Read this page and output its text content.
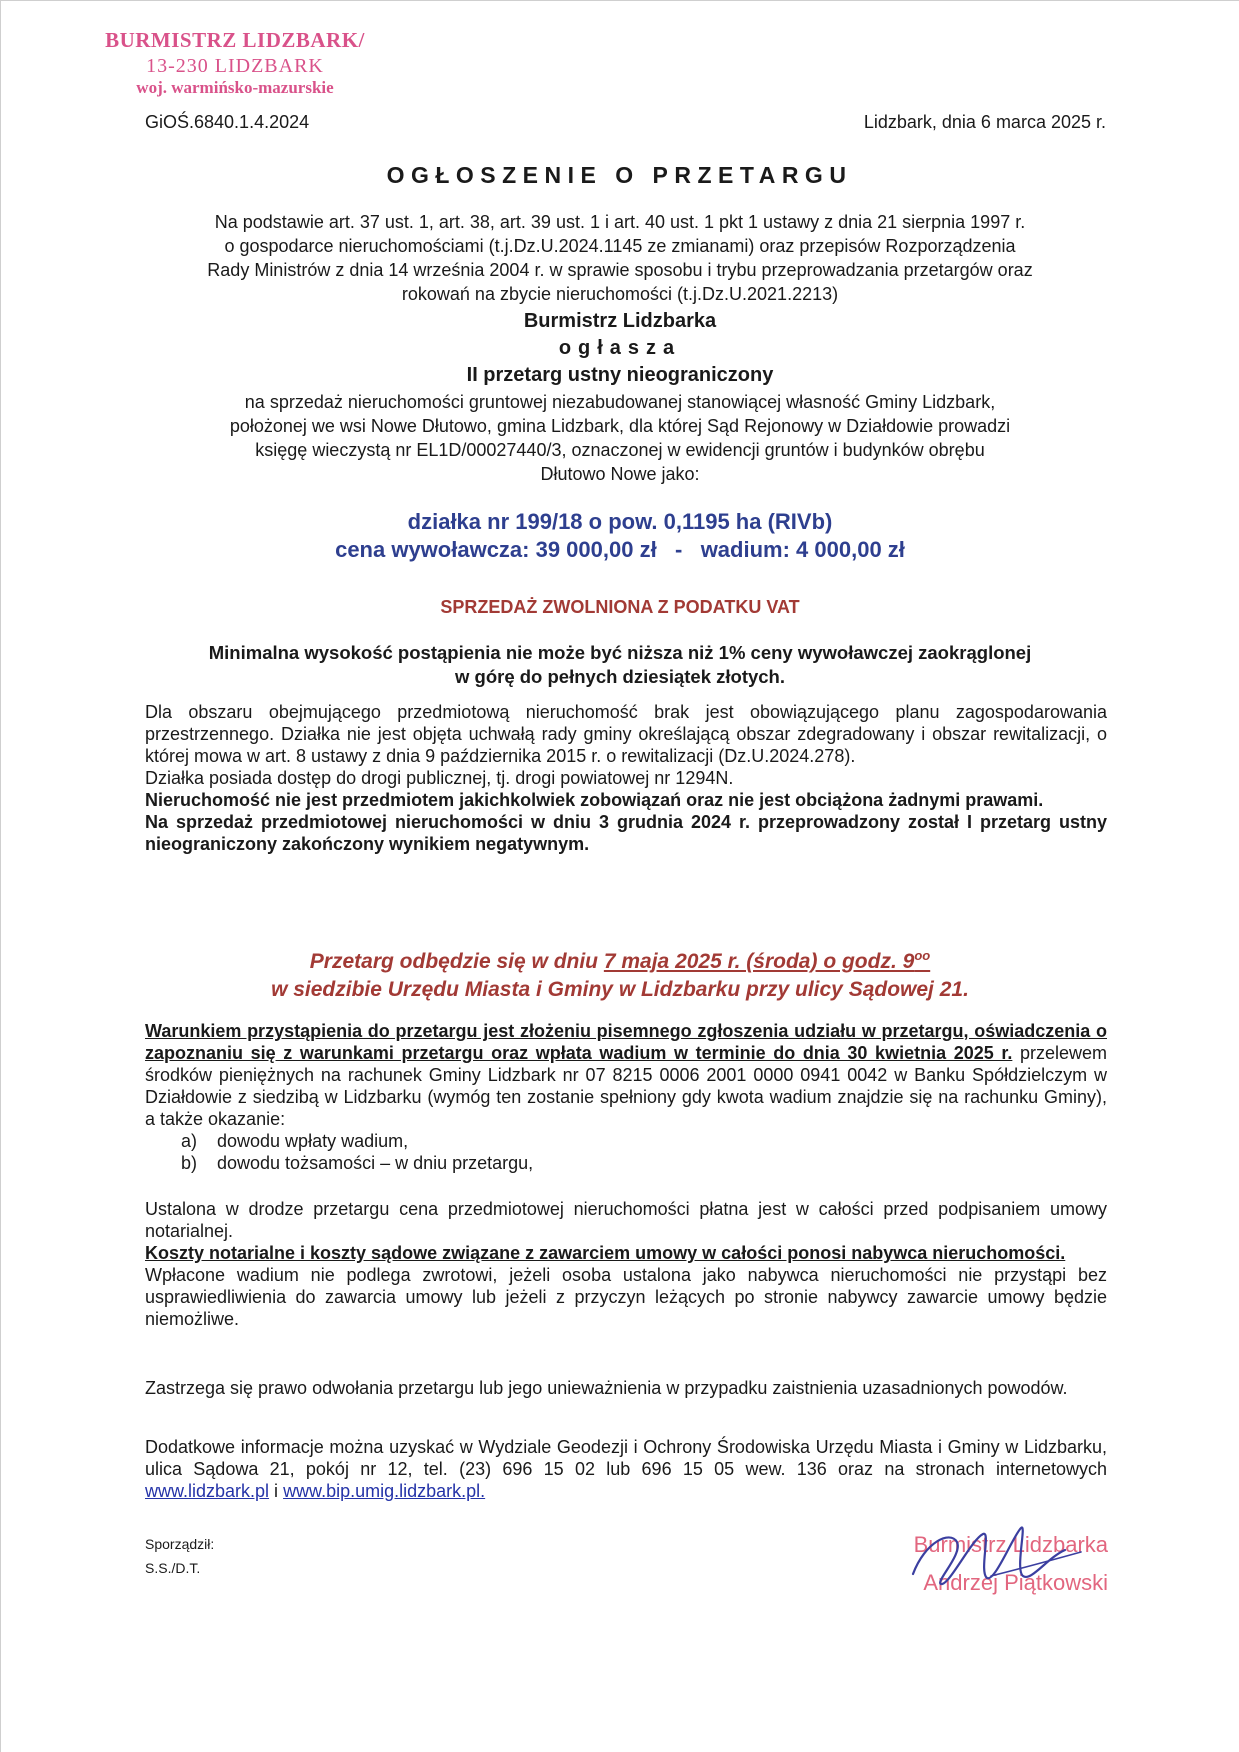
BURMISTRZ LIDZBARK/
13-230 LIDZBARK
woj. warmińsko-mazurskie
GiOŚ.6840.1.4.2024	Lidzbark, dnia 6 marca 2025 r.
OGŁOSZENIE O PRZETARGU
Na podstawie art. 37 ust. 1, art. 38, art. 39 ust. 1 i art. 40 ust. 1 pkt 1 ustawy z dnia 21 sierpnia 1997 r.
o gospodarce nieruchomościami (t.j.Dz.U.2024.1145 ze zmianami) oraz przepisów Rozporządzenia
Rady Ministrów z dnia 14 września 2004 r. w sprawie sposobu i trybu przeprowadzania przetargów oraz
rokowań na zbycie nieruchomości (t.j.Dz.U.2021.2213)
Burmistrz Lidzbarka
ogłasza
II przetarg ustny nieograniczony
na sprzedaż nieruchomości gruntowej niezabudowanej stanowiącej własność Gminy Lidzbark,
położonej we wsi Nowe Dłutowo, gmina Lidzbark, dla której Sąd Rejonowy w Działdowie prowadzi
księgę wieczystą nr EL1D/00027440/3, oznaczonej w ewidencji gruntów i budynków obrębu
Dłutowo Nowe jako:
działka nr 199/18 o pow. 0,1195 ha (RIVb)
cena wywoławcza: 39 000,00 zł   -   wadium: 4 000,00 zł
SPRZEDAŻ ZWOLNIONA Z PODATKU VAT
Minimalna wysokość postąpienia nie może być niższa niż 1% ceny wywoławczej zaokrąglonej
w górę do pełnych dziesiątek złotych.
Dla obszaru obejmującego przedmiotową nieruchomość brak jest obowiązującego planu zagospodarowania przestrzennego. Działka nie jest objęta uchwałą rady gminy określającą obszar zdegradowany i obszar rewitalizacji, o której mowa w art. 8 ustawy z dnia 9 października 2015 r. o rewitalizacji (Dz.U.2024.278).
Działka posiada dostęp do drogi publicznej, tj. drogi powiatowej nr 1294N.
Nieruchomość nie jest przedmiotem jakichkolwiek zobowiązań oraz nie jest obciążona żadnymi prawami.
Na sprzedaż przedmiotowej nieruchomości w dniu 3 grudnia 2024 r. przeprowadzony został I przetarg ustny nieograniczony zakończony wynikiem negatywnym.
Przetarg odbędzie się w dniu 7 maja 2025 r. (środa) o godz. $9^{oo}$
w siedzibie Urzędu Miasta i Gminy w Lidzbarku przy ulicy Sądowej 21.
Warunkiem przystąpienia do przetargu jest złożeniu pisemnego zgłoszenia udziału w przetargu, oświadczenia o zapoznaniu się z warunkami przetargu oraz wpłata wadium w terminie do dnia 30 kwietnia 2025 r. przelewem środków pieniężnych na rachunek Gminy Lidzbark nr 07 8215 0006 2001 0000 0941 0042 w Banku Spółdzielczym w Działdowie z siedzibą w Lidzbarku (wymóg ten zostanie spełniony gdy kwota wadium znajdzie się na rachunku Gminy), a także okazanie:
a) dowodu wpłaty wadium,
b) dowodu tożsamości – w dniu przetargu,
Ustalona w drodze przetargu cena przedmiotowej nieruchomości płatna jest w całości przed podpisaniem umowy notarialnej.
Koszty notarialne i koszty sądowe związane z zawarciem umowy w całości ponosi nabywca nieruchomości.
Wpłacone wadium nie podlega zwrotowi, jeżeli osoba ustalona jako nabywca nieruchomości nie przystąpi bez usprawiedliwienia do zawarcia umowy lub jeżeli z przyczyn leżących po stronie nabywcy zawarcie umowy będzie niemożliwe.
Zastrzega się prawo odwołania przetargu lub jego unieważnienia w przypadku zaistnienia uzasadnionych powodów.
Dodatkowe informacje można uzyskać w Wydziale Geodezji i Ochrony Środowiska Urzędu Miasta i Gminy w Lidzbarku, ulica Sądowa 21, pokój nr 12, tel. (23) 696 15 02 lub 696 15 05 wew. 136 oraz na stronach internetowych www.lidzbark.pl i www.bip.umig.lidzbark.pl.
Sporządził:
S.S./D.T.
Burmistrz Lidzbarka
Andrzej Piątkowski
